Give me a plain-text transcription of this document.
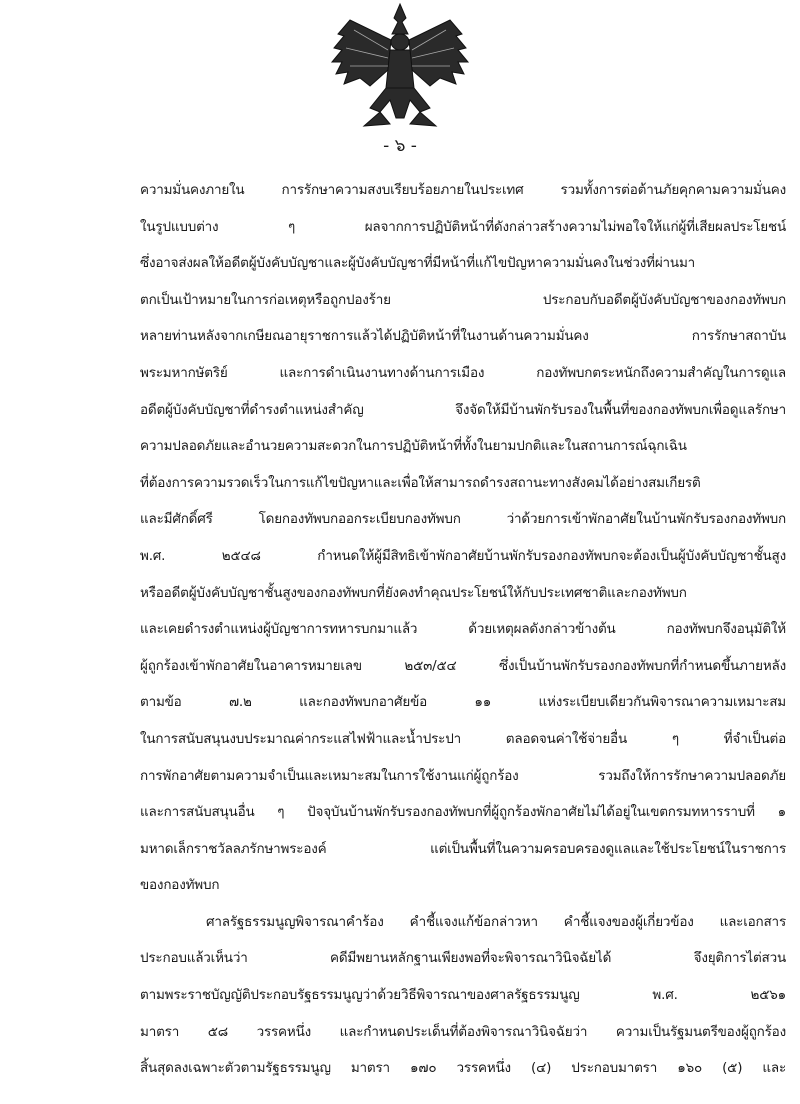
- ๖ -
ความมั่นคงภายใน การรักษาความสงบเรียบร้อยภายในประเทศ รวมทั้งการต่อต้านภัยคุกคามความมั่นคง
ในรูปแบบต่าง ๆ ผลจากการปฏิบัติหน้าที่ดังกล่าวสร้างความไม่พอใจให้แก่ผู้ที่เสียผลประโยชน์
ซึ่งอาจส่งผลให้อดีตผู้บังคับบัญชาและผู้บังคับบัญชาที่มีหน้าที่แก้ไขปัญหาความมั่นคงในช่วงที่ผ่านมา
ตกเป็นเป้าหมายในการก่อเหตุหรือถูกปองร้าย ประกอบกับอดีตผู้บังคับบัญชาของกองทัพบก
หลายท่านหลังจากเกษียณอายุราชการแล้วได้ปฏิบัติหน้าที่ในงานด้านความมั่นคง การรักษาสถาบัน
พระมหากษัตริย์ และการดำเนินงานทางด้านการเมือง กองทัพบกตระหนักถึงความสำคัญในการดูแล
อดีตผู้บังคับบัญชาที่ดำรงตำแหน่งสำคัญ จึงจัดให้มีบ้านพักรับรองในพื้นที่ของกองทัพบกเพื่อดูแลรักษา
ความปลอดภัยและอำนวยความสะดวกในการปฏิบัติหน้าที่ทั้งในยามปกติและในสถานการณ์ฉุกเฉิน
ที่ต้องการความรวดเร็วในการแก้ไขปัญหาและเพื่อให้สามารถดำรงสถานะทางสังคมได้อย่างสมเกียรติ
และมีศักดิ์ศรี โดยกองทัพบกออกระเบียบกองทัพบก ว่าด้วยการเข้าพักอาศัยในบ้านพักรับรองกองทัพบก
พ.ศ. ๒๕๔๘ กำหนดให้ผู้มีสิทธิเข้าพักอาศัยบ้านพักรับรองกองทัพบกจะต้องเป็นผู้บังคับบัญชาชั้นสูง
หรืออดีตผู้บังคับบัญชาชั้นสูงของกองทัพบกที่ยังคงทำคุณประโยชน์ให้กับประเทศชาติและกองทัพบก
และเคยดำรงตำแหน่งผู้บัญชาการทหารบกมาแล้ว ด้วยเหตุผลดังกล่าวข้างต้น กองทัพบกจึงอนุมัติให้
ผู้ถูกร้องเข้าพักอาศัยในอาคารหมายเลข ๒๕๓/๕๔ ซึ่งเป็นบ้านพักรับรองกองทัพบกที่กำหนดขึ้นภายหลัง
ตามข้อ ๗.๒ และกองทัพบกอาศัยข้อ ๑๑ แห่งระเบียบเดียวกันพิจารณาความเหมาะสม
ในการสนับสนุนงบประมาณค่ากระแสไฟฟ้าและน้ำประปา ตลอดจนค่าใช้จ่ายอื่น ๆ ที่จำเป็นต่อ
การพักอาศัยตามความจำเป็นและเหมาะสมในการใช้งานแก่ผู้ถูกร้อง รวมถึงให้การรักษาความปลอดภัย
และการสนับสนุนอื่น ๆ ปัจจุบันบ้านพักรับรองกองทัพบกที่ผู้ถูกร้องพักอาศัยไม่ได้อยู่ในเขตกรมทหารราบที่ ๑
มหาดเล็กราชวัลลภรักษาพระองค์ แต่เป็นพื้นที่ในความครอบครองดูแลและใช้ประโยชน์ในราชการ
ของกองทัพบก
ศาลรัฐธรรมนูญพิจารณาคำร้อง คำชี้แจงแก้ข้อกล่าวหา คำชี้แจงของผู้เกี่ยวข้อง และเอกสาร
ประกอบแล้วเห็นว่า คดีมีพยานหลักฐานเพียงพอที่จะพิจารณาวินิจฉัยได้ จึงยุติการไต่สวน
ตามพระราชบัญญัติประกอบรัฐธรรมนูญว่าด้วยวิธีพิจารณาของศาลรัฐธรรมนูญ พ.ศ. ๒๕๖๑
มาตรา ๕๘ วรรคหนึ่ง และกำหนดประเด็นที่ต้องพิจารณาวินิจฉัยว่า ความเป็นรัฐมนตรีของผู้ถูกร้อง
สิ้นสุดลงเฉพาะตัวตามรัฐธรรมนูญ มาตรา ๑๗๐ วรรคหนึ่ง (๔) ประกอบมาตรา ๑๖๐ (๕) และ
